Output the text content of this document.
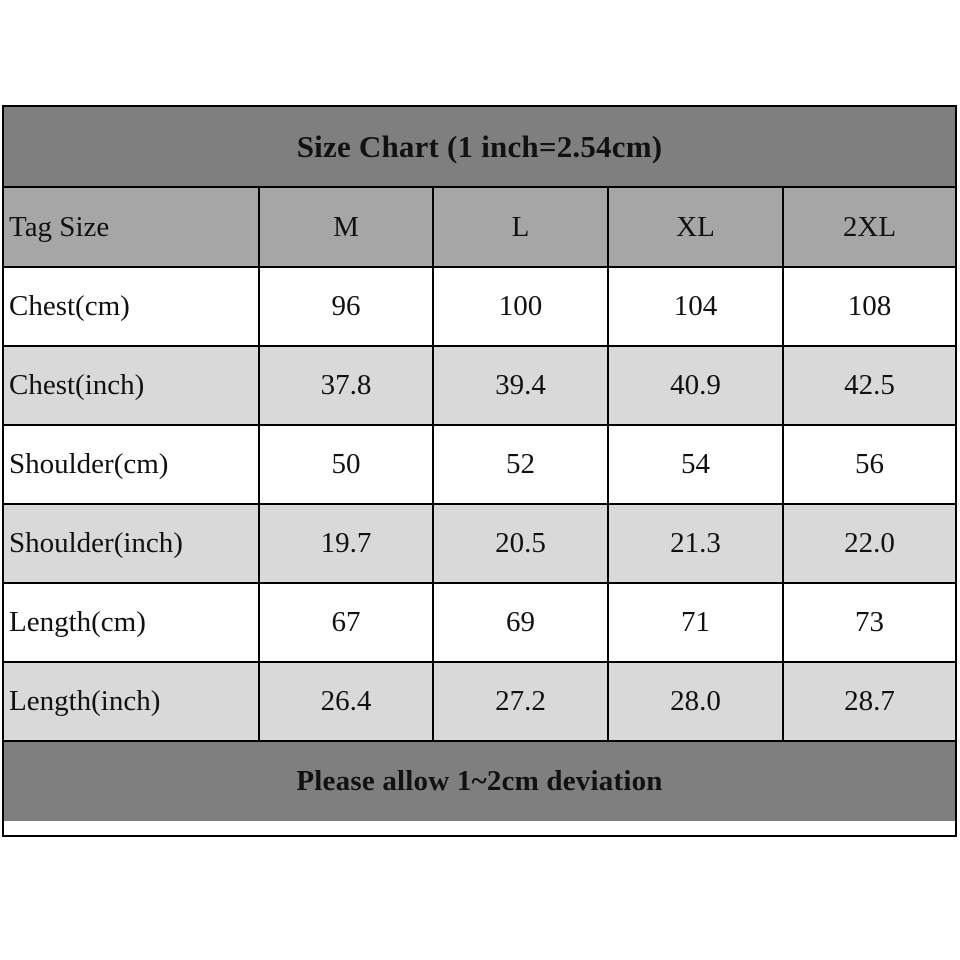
Size Chart (1 inch=2.54cm)
Tag Size	M	L	XL	2XL
Chest(cm)	96	100	104	108
Chest(inch)	37.8	39.4	40.9	42.5
Shoulder(cm)	50	52	54	56
Shoulder(inch)	19.7	20.5	21.3	22.0
Length(cm)	67	69	71	73
Length(inch)	26.4	27.2	28.0	28.7
Please allow 1~2cm deviation
